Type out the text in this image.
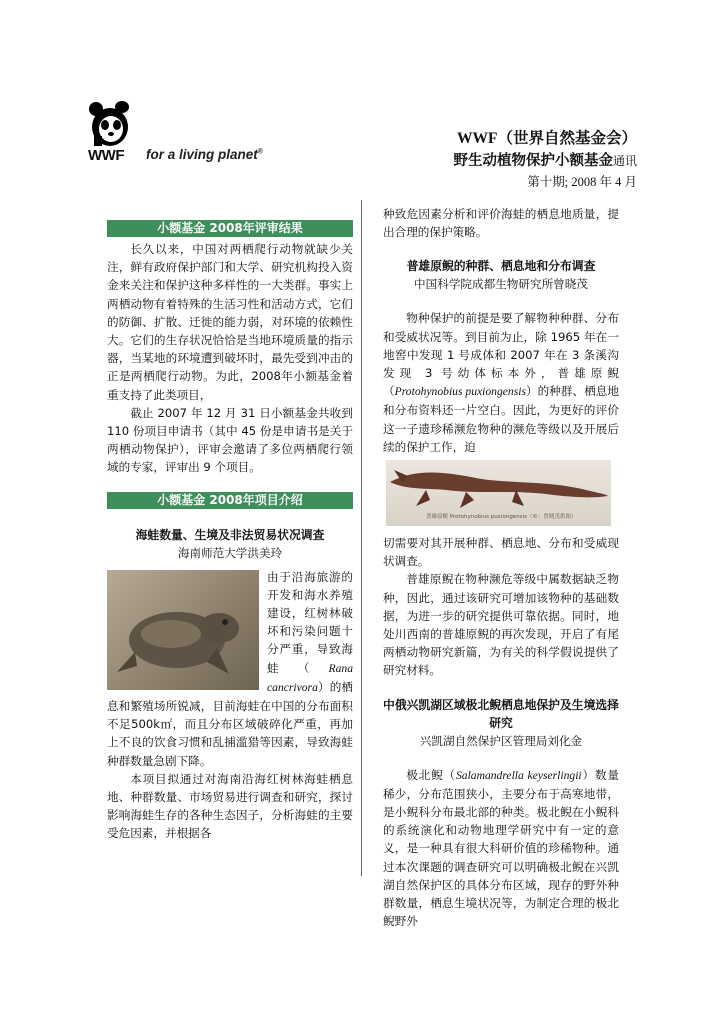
WWF for a living planet®
WWF（世界自然基金会）
野生动植物保护小额基金通讯
第十期; 2008 年 4 月
小额基金 2008年评审结果

长久以来，中国对两栖爬行动物就缺少关注，鲜有政府保护部门和大学、研究机构投入资金来关注和保护这种多样性的一大类群。事实上两栖动物有着特殊的生活习性和活动方式，它们的防御、扩散、迁徙的能力弱，对环境的依赖性大。它们的生存状况恰恰是当地环境质量的指示器，当某地的环境遭到破坏时，最先受到冲击的正是两栖爬行动物。为此，2008年小额基金着重支持了此类项目，

截止 2007 年 12 月 31 日小额基金共收到 110 份项目申请书（其中 45 份是申请书是关于两栖动物保护），评审会邀请了多位两栖爬行领域的专家，评审出 9 个项目。

小额基金 2008年项目介绍

海蛙数量、生境及非法贸易状况调查

海南师范大学洪美玲

由于沿海旅游的开发和海水养殖建设，红树林破坏和污染问题十分严重，导致海蛙（Rana cancrivora）的栖息和繁殖场所锐减，目前海蛙在中国的分布面积不足500k㎡，而且分布区域破碎化严重，再加上不良的饮食习惯和乱捕滥猎等因素，导致海蛙种群数量急剧下降。

本项目拟通过对海南沿海红树林海蛙栖息地、种群数量、市场贸易进行调查和研究，探讨影响海蛙生存的各种生态因子，分析海蛙的主要受危因素，并根据各

种致危因素分析和评价海蛙的栖息地质量，提出合理的保护策略。

普雄原鲵的种群、栖息地和分布调查

中国科学院成都生物研究所曾晓茂

物种保护的前提是要了解物种种群、分布和受威状况等。到目前为止，除 1965 年在一地窖中发现 1 号成体和 2007 年在 3 条溪沟发现 3 号幼体标本外，普雄原鲵（Protohynobius puxiongensis）的种群、栖息地和分布资料还一片空白。因此，为更好的评价这一子遗珍稀濒危物种的濒危等级以及开展后续的保护工作，迫

普雄原鲵 Protohynobius puxiongensis（©：曾晓茂供图）

切需要对其开展种群、栖息地、分布和受威现状调查。

普雄原鲵在物种濒危等级中属数据缺乏物种，因此，通过该研究可增加该物种的基础数据，为进一步的研究提供可靠依据。同时，地处川西南的普雄原鲵的再次发现，开启了有尾两栖动物研究新篇，为有关的科学假说提供了研究材料。

中俄兴凯湖区域极北鲵栖息地保护及生境选择研究

兴凯湖自然保护区管理局刘化金

极北鲵（Salamandrella keyserlingii）数量稀少，分布范围狭小，主要分布于高寒地带，是小鲵科分布最北部的种类。极北鲵在小鲵科的系统演化和动物地理学研究中有一定的意义，是一种具有很大科研价值的珍稀物种。通过本次课题的调查研究可以明确极北鲵在兴凯湖自然保护区的具体分布区域，现存的野外种群数量，栖息生境状况等，为制定合理的极北鲵野外
